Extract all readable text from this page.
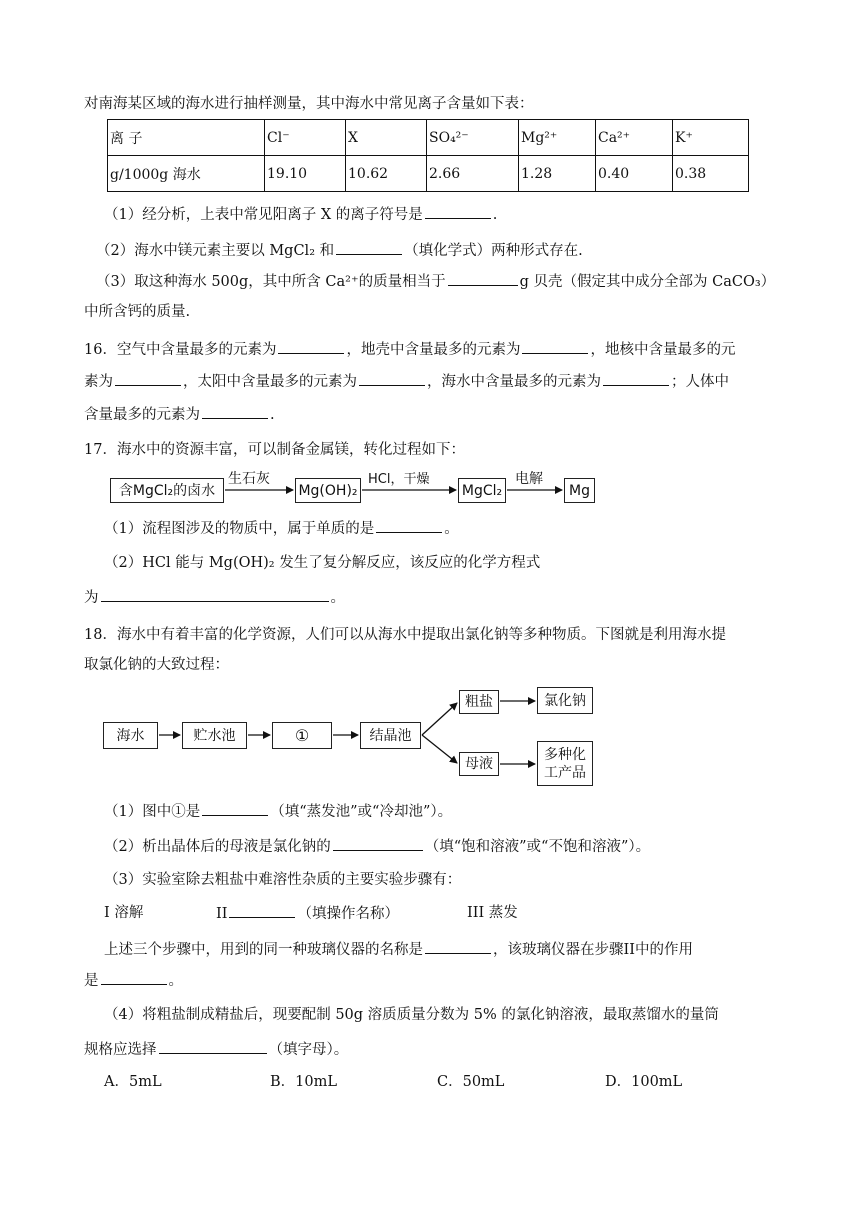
对南海某区域的海水进行抽样测量，其中海水中常见离子含量如下表：
离 子	Cl⁻	X	SO₄²⁻	Mg²⁺	Ca²⁺	K⁺
g/1000g 海水	19.10	10.62	2.66	1.28	0.40	0.38
（1）经分析，上表中常见阳离子 X 的离子符号是	.
（2）海水中镁元素主要以 MgCl₂ 和	（填化学式）两种形式存在.
（3）取这种海水 500g，其中所含 Ca²⁺的质量相当于	g 贝壳（假定其中成分全部为 CaCO₃）
中所含钙的质量.
16．空气中含量最多的元素为	，地壳中含量最多的元素为	，地核中含量最多的元
素为	，太阳中含量最多的元素为	，海水中含量最多的元素为	；人体中
含量最多的元素为	.
17．海水中的资源丰富，可以制备金属镁，转化过程如下：
含MgCl₂的卤水
生石灰
Mg(OH)₂
HCl，干燥
MgCl₂
电解
Mg
（1）流程图涉及的物质中，属于单质的是	。
（2）HCl 能与 Mg(OH)₂ 发生了复分解反应，该反应的化学方程式
为	。
18．海水中有着丰富的化学资源，人们可以从海水中提取出氯化钠等多种物质。下图就是利用海水提
取氯化钠的大致过程：
海水	贮水池	①	结晶池
粗盐	氯化钠
母液
多种化工产品
（1）图中①是	（填“蒸发池”或“冷却池”）。
（2）析出晶体后的母液是氯化钠的	（填“饱和溶液”或“不饱和溶液”）。
（3）实验室除去粗盐中难溶性杂质的主要实验步骤有：
I 溶解	II	（填操作名称）	III 蒸发
上述三个步骤中，用到的同一种玻璃仪器的名称是	，该玻璃仪器在步骤II中的作用
是	。
（4）将粗盐制成精盐后，现要配制 50g 溶质质量分数为 5% 的氯化钠溶液，最取蒸馏水的量筒
规格应选择	（填字母）。
A．5mL	B．10mL	C．50mL	D．100mL
